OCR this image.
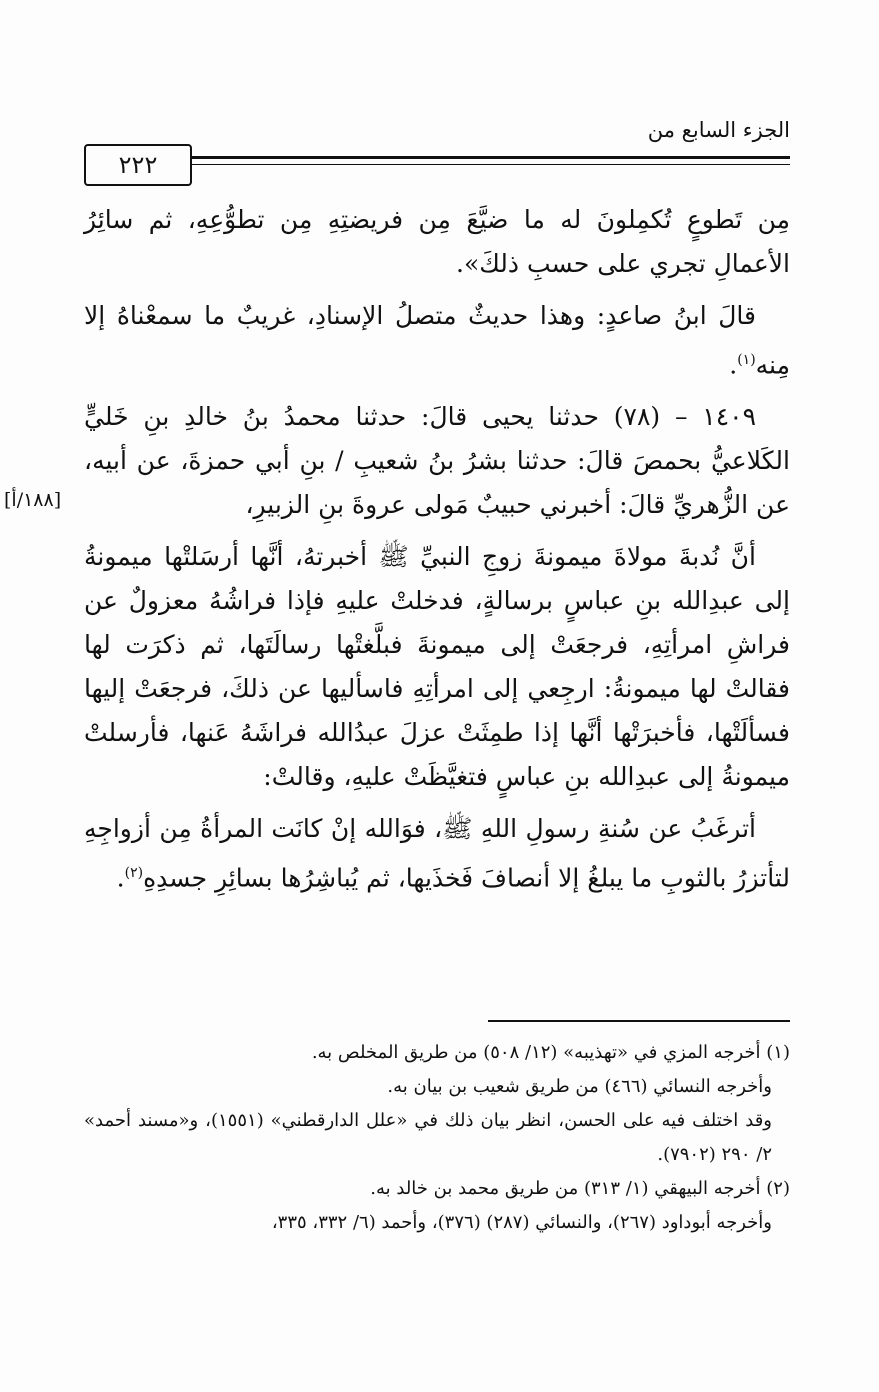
٢٢٢
الجزء السابع من
[١٨٨/أ]

مِن تَطوعٍ تُكمِلونَ له ما ضيَّعَ مِن فريضتِهِ مِن تطوُّعِهِ، ثم سائِرُ الأعمالِ تجري على حسبِ ذلكَ».

قالَ ابنُ صاعدٍ: وهذا حديثٌ متصلُ الإسنادِ، غريبٌ ما سمعْناهُ إلا مِنه$^{(١)}$.

١٤٠٩ – (٧٨) حدثنا يحيى قالَ: حدثنا محمدُ بنُ خالدِ بنِ خَليٍّ الكَلاعيُّ بحمصَ قالَ: حدثنا بشرُ بنُ شعيبِ / بنِ أبي حمزةَ، عن أبيه، عن الزُّهريِّ قالَ: أخبرني حبيبٌ مَولى عروةَ بنِ الزبيرِ،

أنَّ نُدبةَ مولاةَ ميمونةَ زوجِ النبيِّ ﷺ أخبرتهُ، أنَّها أرسَلتْها ميمونةُ إلى عبدِالله بنِ عباسٍ برسالةٍ، فدخلتْ عليهِ فإذا فراشُهُ معزولٌ عن فراشِ امرأتِهِ، فرجعَتْ إلى ميمونةَ فبلَّغتْها رسالَتَها، ثم ذكرَت لها فقالتْ لها ميمونةُ: ارجِعي إلى امرأتِهِ فاسأليها عن ذلكَ، فرجعَتْ إليها فسألَتْها، فأخبرَتْها أنَّها إذا طمِثَتْ عزلَ عبدُالله فراشَهُ عَنها، فأرسلتْ ميمونةُ إلى عبدِالله بنِ عباسٍ فتغيَّظَتْ عليهِ، وقالتْ:

أترغَبُ عن سُنةِ رسولِ اللهِ ﷺ، فوَالله إنْ كانَت المرأةُ مِن أزواجِهِ لتأتزرُ بالثوبِ ما يبلغُ إلا أنصافَ فَخذَيها، ثم يُباشِرُها بسائِرِ جسدِهِ$^{(٢)}$.

(١) أخرجه المزي في «تهذيبه» (١٢/ ٥٠٨) من طريق المخلص به.

وأخرجه النسائي (٤٦٦) من طريق شعيب بن بيان به.

وقد اختلف فيه على الحسن، انظر بيان ذلك في «علل الدارقطني» (١٥٥١)، و«مسند أحمد» ٢/ ٢٩٠ (٧٩٠٢).

(٢) أخرجه البيهقي (١/ ٣١٣) من طريق محمد بن خالد به.

وأخرجه أبوداود (٢٦٧)، والنسائي (٢٨٧) (٣٧٦)، وأحمد (٦/ ٣٣٢، ٣٣٥،
